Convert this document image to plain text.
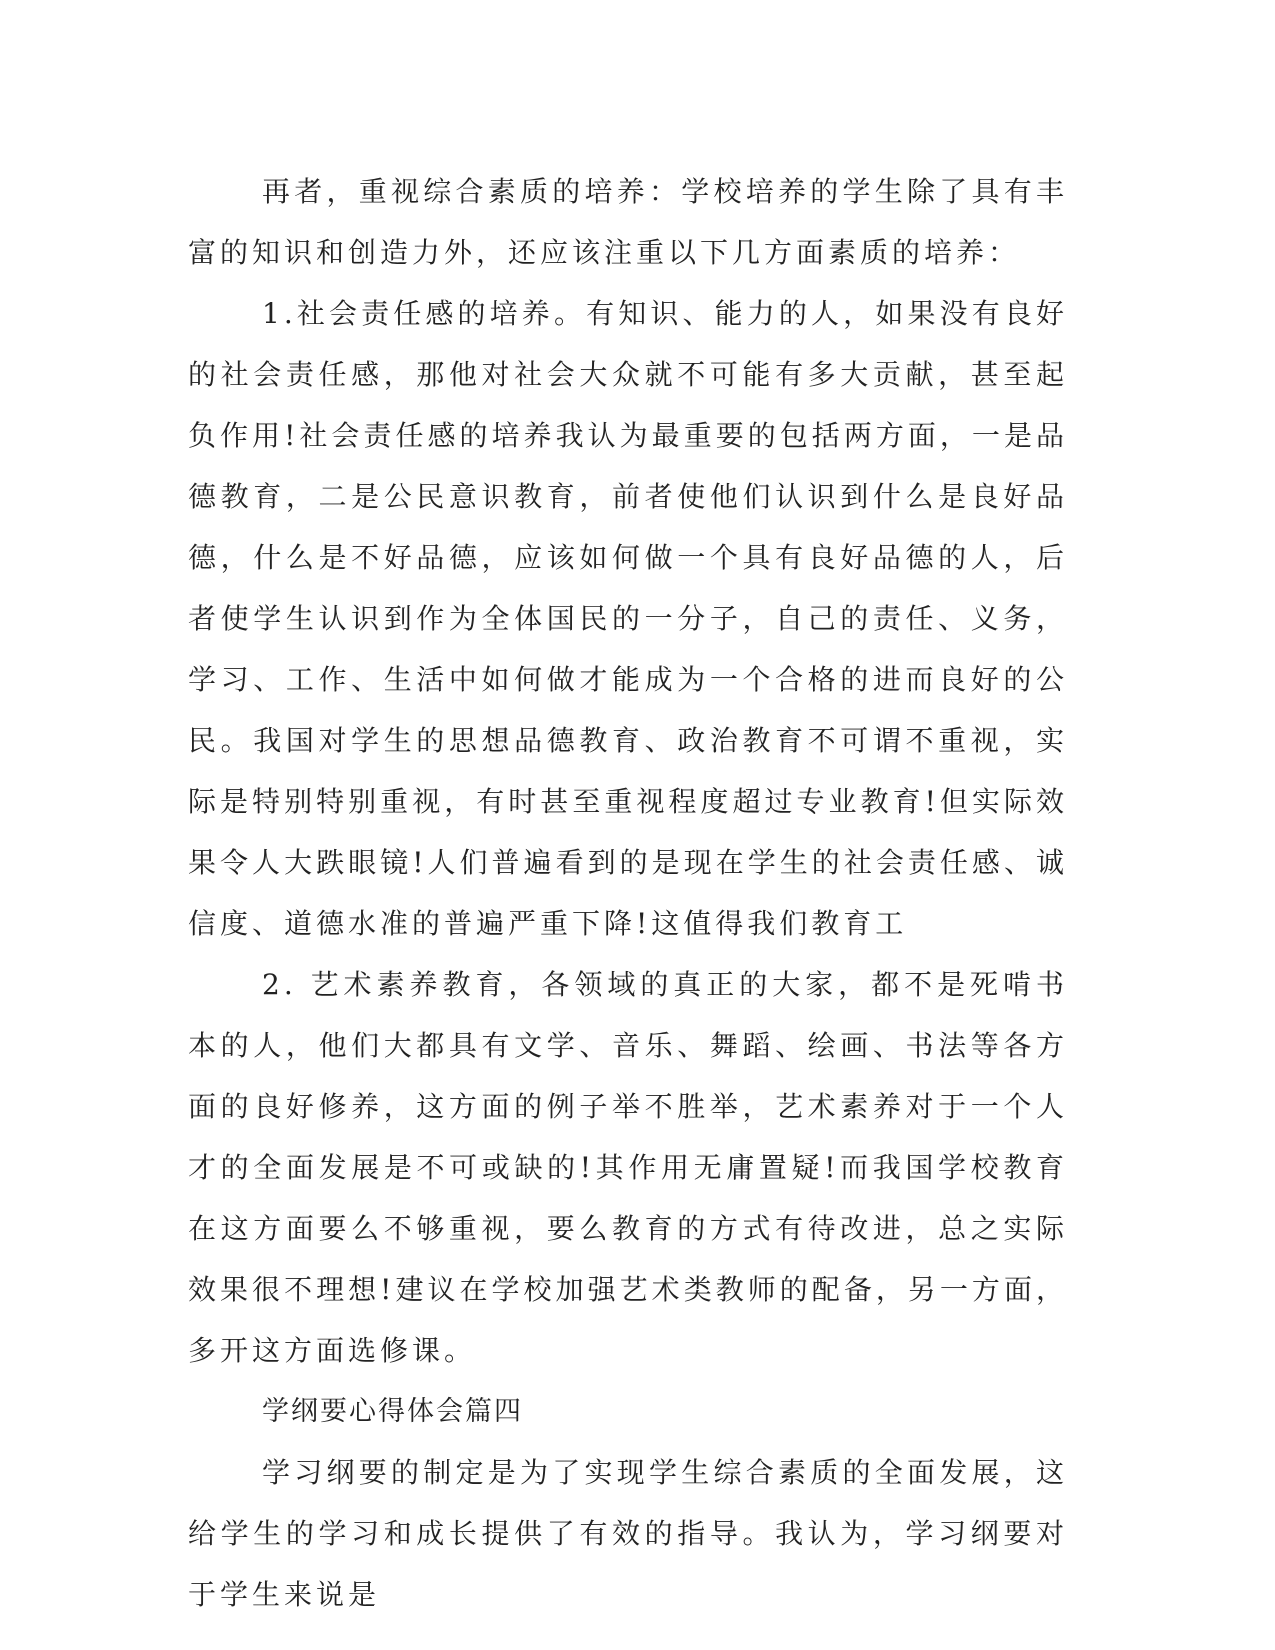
再者，重视综合素质的培养：学校培养的学生除了具有丰富的知识和创造力外，还应该注重以下几方面素质的培养：

1.社会责任感的培养。有知识、能力的人，如果没有良好的社会责任感，那他对社会大众就不可能有多大贡献，甚至起负作用!社会责任感的培养我认为最重要的包括两方面，一是品德教育，二是公民意识教育，前者使他们认识到什么是良好品德，什么是不好品德，应该如何做一个具有良好品德的人，后者使学生认识到作为全体国民的一分子，自己的责任、义务，学习、工作、生活中如何做才能成为一个合格的进而良好的公民。我国对学生的思想品德教育、政治教育不可谓不重视，实际是特别特别重视，有时甚至重视程度超过专业教育!但实际效果令人大跌眼镜!人们普遍看到的是现在学生的社会责任感、诚信度、道德水准的普遍严重下降!这值得我们教育工

2. 艺术素养教育，各领域的真正的大家，都不是死啃书本的人，他们大都具有文学、音乐、舞蹈、绘画、书法等各方面的良好修养，这方面的例子举不胜举，艺术素养对于一个人才的全面发展是不可或缺的!其作用无庸置疑!而我国学校教育在这方面要么不够重视，要么教育的方式有待改进，总之实际效果很不理想!建议在学校加强艺术类教师的配备，另一方面，多开这方面选修课。

学纲要心得体会篇四

学习纲要的制定是为了实现学生综合素质的全面发展，这给学生的学习和成长提供了有效的指导。我认为，学习纲要对于学生来说是
